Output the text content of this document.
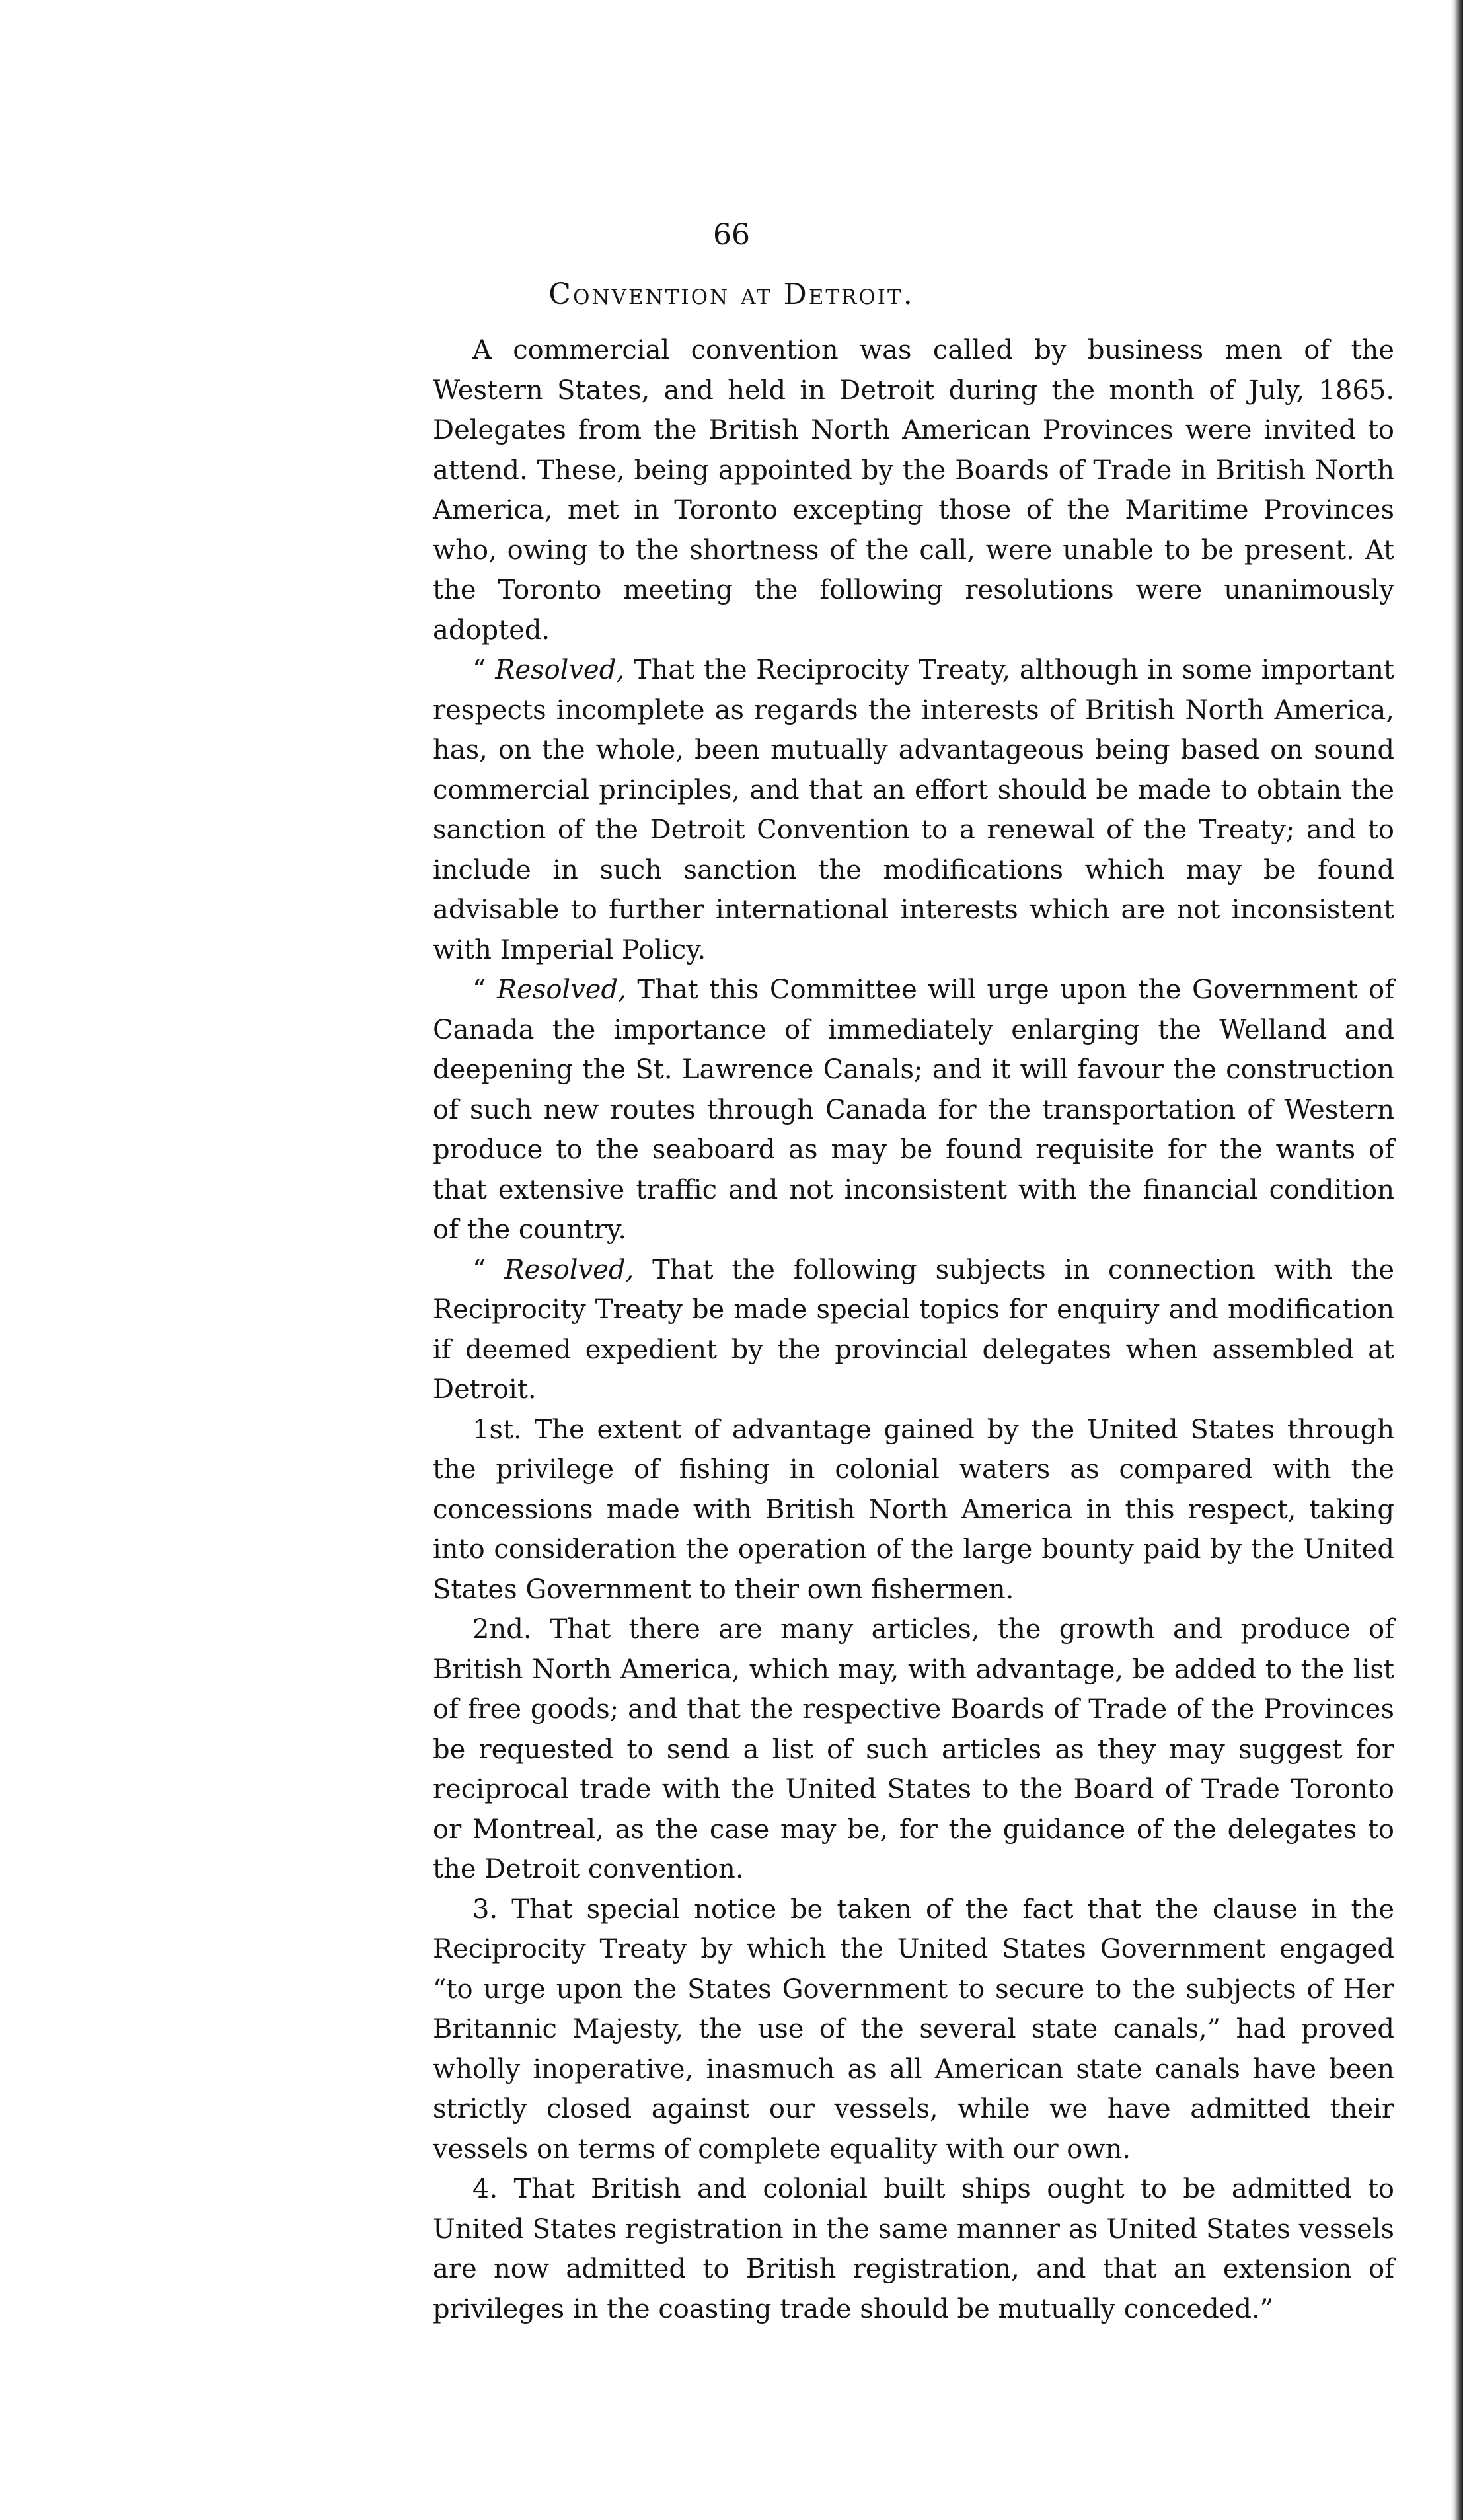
66
Convention at Detroit.

A commercial convention was called by business men of the Western States, and held in Detroit during the month of July, 1865. Delegates from the British North American Provinces were invited to attend. These, being appointed by the Boards of Trade in British North America, met in Toronto excepting those of the Maritime Provinces who, owing to the shortness of the call, were unable to be present. At the Toronto meeting the following resolutions were unanimously adopted.

“ Resolved, That the Reciprocity Treaty, although in some important respects incomplete as regards the interests of British North America, has, on the whole, been mutually advantageous being based on sound commercial principles, and that an effort should be made to obtain the sanction of the Detroit Convention to a renewal of the Treaty; and to include in such sanction the modifications which may be found advisable to further international interests which are not inconsistent with Imperial Policy.

“ Resolved, That this Committee will urge upon the Government of Canada the importance of immediately enlarging the Welland and deepening the St. Lawrence Canals; and it will favour the construction of such new routes through Canada for the transportation of Western produce to the seaboard as may be found requisite for the wants of that extensive traffic and not inconsistent with the financial condition of the country.

“ Resolved, That the following subjects in connection with the Reciprocity Treaty be made special topics for enquiry and modification if deemed expedient by the provincial delegates when assembled at Detroit.

1st. The extent of advantage gained by the United States through the privilege of fishing in colonial waters as compared with the concessions made with British North America in this respect, taking into consideration the operation of the large bounty paid by the United States Government to their own fishermen.

2nd. That there are many articles, the growth and produce of British North America, which may, with advantage, be added to the list of free goods; and that the respective Boards of Trade of the Provinces be requested to send a list of such articles as they may suggest for reciprocal trade with the United States to the Board of Trade Toronto or Montreal, as the case may be, for the guidance of the delegates to the Detroit convention.

3. That special notice be taken of the fact that the clause in the Reciprocity Treaty by which the United States Government engaged “to urge upon the States Government to secure to the subjects of Her Britannic Majesty, the use of the several state canals,” had proved wholly inoperative, inasmuch as all American state canals have been strictly closed against our vessels, while we have admitted their vessels on terms of complete equality with our own.

4. That British and colonial built ships ought to be admitted to United States registration in the same manner as United States vessels are now admitted to British registration, and that an extension of privileges in the coasting trade should be mutually conceded.”
